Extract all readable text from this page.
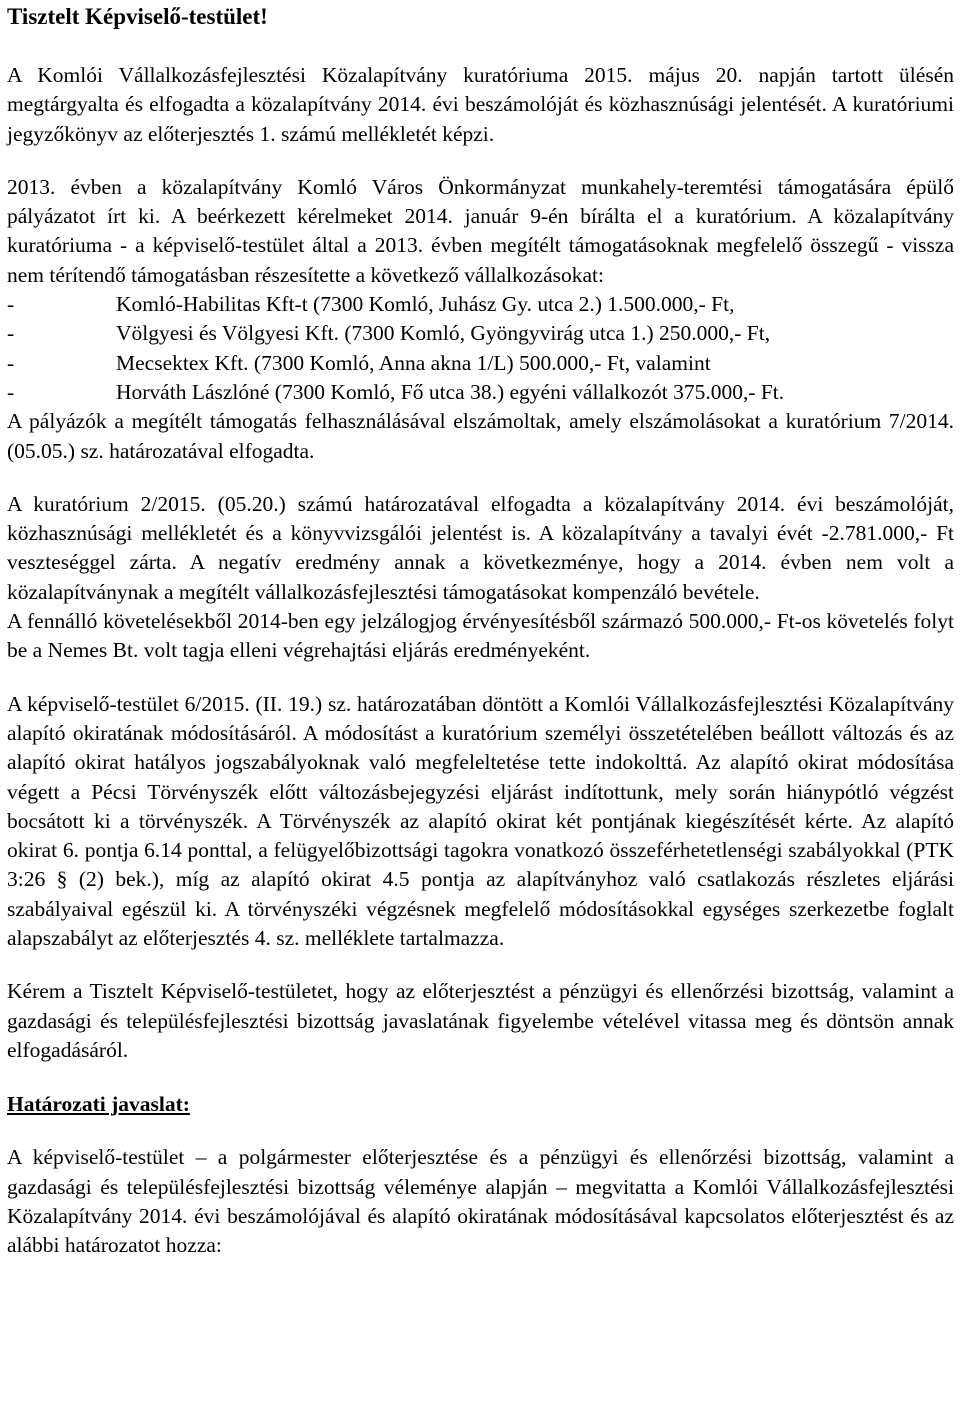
Tisztelt Képviselő-testület!

A Komlói Vállalkozásfejlesztési Közalapítvány kuratóriuma 2015. május 20. napján tartott ülésén megtárgyalta és elfogadta a közalapítvány 2014. évi beszámolóját és közhasznúsági jelentését. A kuratóriumi jegyzőkönyv az előterjesztés 1. számú mellékletét képzi.

2013. évben a közalapítvány Komló Város Önkormányzat munkahely-teremtési támogatására épülő pályázatot írt ki. A beérkezett kérelmeket 2014. január 9-én bírálta el a kuratórium. A közalapítvány kuratóriuma - a képviselő-testület által a 2013. évben megítélt támogatásoknak megfelelő összegű - vissza nem térítendő támogatásban részesítette a következő vállalkozásokat:

-	Komló-Habilitas Kft-t (7300 Komló, Juhász Gy. utca 2.) 1.500.000,- Ft,
-	Völgyesi és Völgyesi Kft. (7300 Komló, Gyöngyvirág utca 1.) 250.000,- Ft,
-	Mecsektex Kft. (7300 Komló, Anna akna 1/L) 500.000,- Ft, valamint
-	Horváth Lászlóné (7300 Komló, Fő utca 38.) egyéni vállalkozót 375.000,- Ft.

A pályázók a megítélt támogatás felhasználásával elszámoltak, amely elszámolásokat a kuratórium 7/2014. (05.05.) sz. határozatával elfogadta.

A kuratórium 2/2015. (05.20.) számú határozatával elfogadta a közalapítvány 2014. évi beszámolóját, közhasznúsági mellékletét és a könyvvizsgálói jelentést is. A közalapítvány a tavalyi évét -2.781.000,- Ft veszteséggel zárta. A negatív eredmény annak a következménye, hogy a 2014. évben nem volt a közalapítványnak a megítélt vállalkozásfejlesztési támogatásokat kompenzáló bevétele.

A fennálló követelésekből 2014-ben egy jelzálogjog érvényesítésből származó 500.000,- Ft-os követelés folyt be a Nemes Bt. volt tagja elleni végrehajtási eljárás eredményeként.

A képviselő-testület 6/2015. (II. 19.) sz. határozatában döntött a Komlói Vállalkozásfejlesztési Közalapítvány alapító okiratának módosításáról. A módosítást a kuratórium személyi összetételében beállott változás és az alapító okirat hatályos jogszabályoknak való megfeleltetése tette indokolttá. Az alapító okirat módosítása végett a Pécsi Törvényszék előtt változásbejegyzési eljárást indítottunk, mely során hiánypótló végzést bocsátott ki a törvényszék. A Törvényszék az alapító okirat két pontjának kiegészítését kérte. Az alapító okirat 6. pontja 6.14 ponttal, a felügyelőbizottsági tagokra vonatkozó összeférhetetlenségi szabályokkal (PTK 3:26 § (2) bek.), míg az alapító okirat 4.5 pontja az alapítványhoz való csatlakozás részletes eljárási szabályaival egészül ki. A törvényszéki végzésnek megfelelő módosításokkal egységes szerkezetbe foglalt alapszabályt az előterjesztés 4. sz. melléklete tartalmazza.

Kérem a Tisztelt Képviselő-testületet, hogy az előterjesztést a pénzügyi és ellenőrzési bizottság, valamint a gazdasági és településfejlesztési bizottság javaslatának figyelembe vételével vitassa meg és döntsön annak elfogadásáról.

Határozati javaslat:

A képviselő-testület – a polgármester előterjesztése és a pénzügyi és ellenőrzési bizottság, valamint a gazdasági és településfejlesztési bizottság véleménye alapján – megvitatta a Komlói Vállalkozásfejlesztési Közalapítvány 2014. évi beszámolójával és alapító okiratának módosításával kapcsolatos előterjesztést és az alábbi határozatot hozza:
